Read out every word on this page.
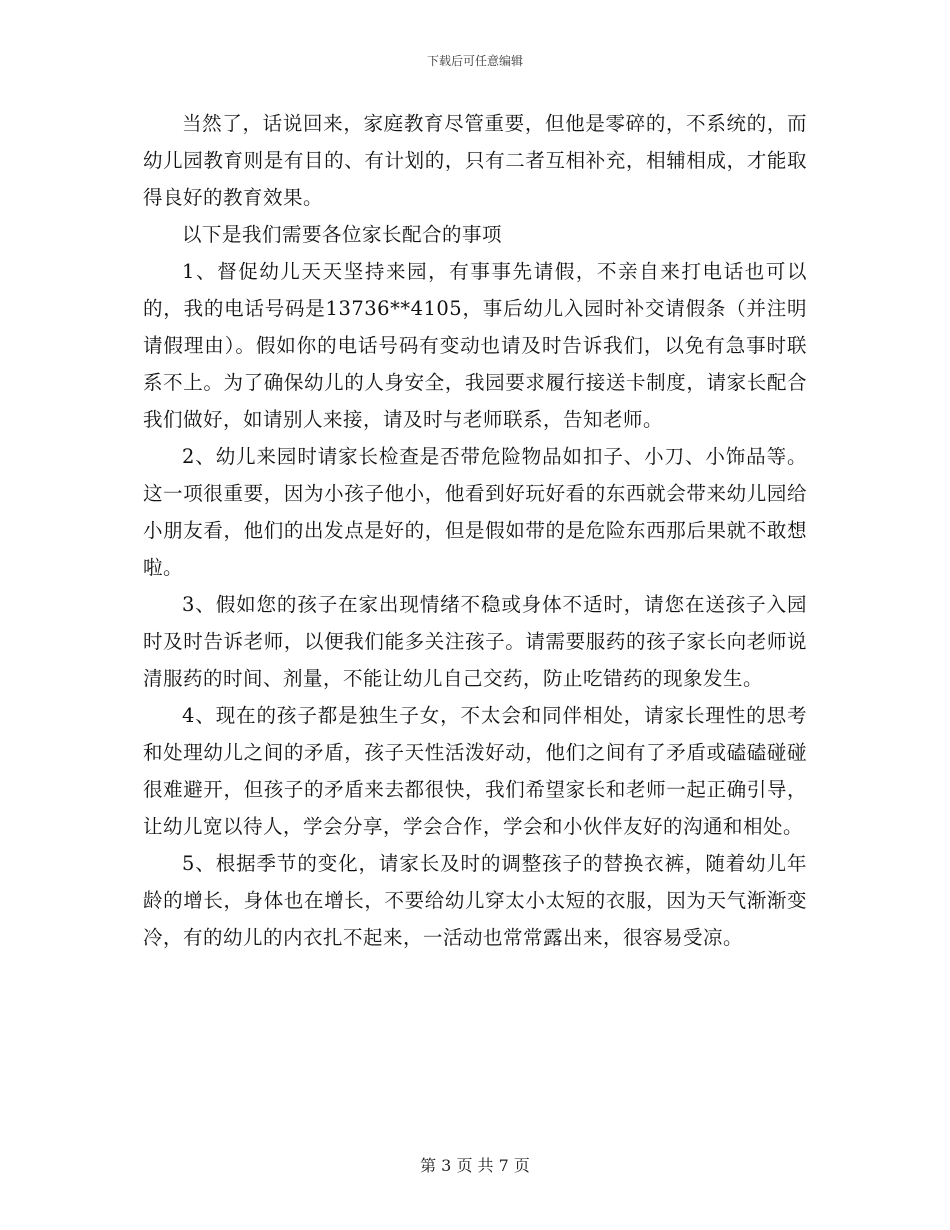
下载后可任意编辑

当然了，话说回来，家庭教育尽管重要，但他是零碎的，不系统的，而幼儿园教育则是有目的、有计划的，只有二者互相补充，相辅相成，才能取得良好的教育效果。

以下是我们需要各位家长配合的事项

1、督促幼儿天天坚持来园，有事事先请假，不亲自来打电话也可以的，我的电话号码是13736**4105，事后幼儿入园时补交请假条（并注明请假理由）。假如你的电话号码有变动也请及时告诉我们，以免有急事时联系不上。为了确保幼儿的人身安全，我园要求履行接送卡制度，请家长配合我们做好，如请别人来接，请及时与老师联系，告知老师。

2、幼儿来园时请家长检查是否带危险物品如扣子、小刀、小饰品等。这一项很重要，因为小孩子他小，他看到好玩好看的东西就会带来幼儿园给小朋友看，他们的出发点是好的，但是假如带的是危险东西那后果就不敢想啦。

3、假如您的孩子在家出现情绪不稳或身体不适时，请您在送孩子入园时及时告诉老师，以便我们能多关注孩子。请需要服药的孩子家长向老师说清服药的时间、剂量，不能让幼儿自己交药，防止吃错药的现象发生。

4、现在的孩子都是独生子女，不太会和同伴相处，请家长理性的思考和处理幼儿之间的矛盾，孩子天性活泼好动，他们之间有了矛盾或磕磕碰碰很难避开，但孩子的矛盾来去都很快，我们希望家长和老师一起正确引导，让幼儿宽以待人，学会分享，学会合作，学会和小伙伴友好的沟通和相处。

5、根据季节的变化，请家长及时的调整孩子的替换衣裤，随着幼儿年龄的增长，身体也在增长，不要给幼儿穿太小太短的衣服，因为天气渐渐变冷，有的幼儿的内衣扎不起来，一活动也常常露出来，很容易受凉。

第 3 页 共 7 页
